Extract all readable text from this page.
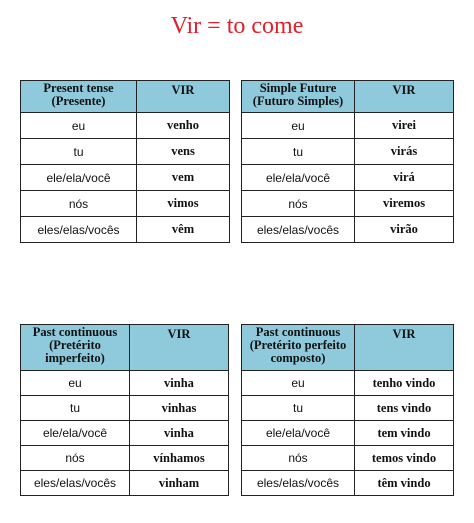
Vir = to come
Present tense
(Presente)	VIR
eu	venho
tu	vens
ele/ela/você	vem
nós	vimos
eles/elas/vocês	vêm
Simple Future
(Futuro Simples)	VIR
eu	virei
tu	virás
ele/ela/você	virá
nós	viremos
eles/elas/vocês	virão
Past continuous
(Pretérito
imperfeito)	VIR
eu	vinha
tu	vinhas
ele/ela/você	vinha
nós	vínhamos
eles/elas/vocês	vinham
Past continuous
(Pretérito perfeito
composto)	VIR
eu	tenho vindo
tu	tens vindo
ele/ela/você	tem vindo
nós	temos vindo
eles/elas/vocês	têm vindo
